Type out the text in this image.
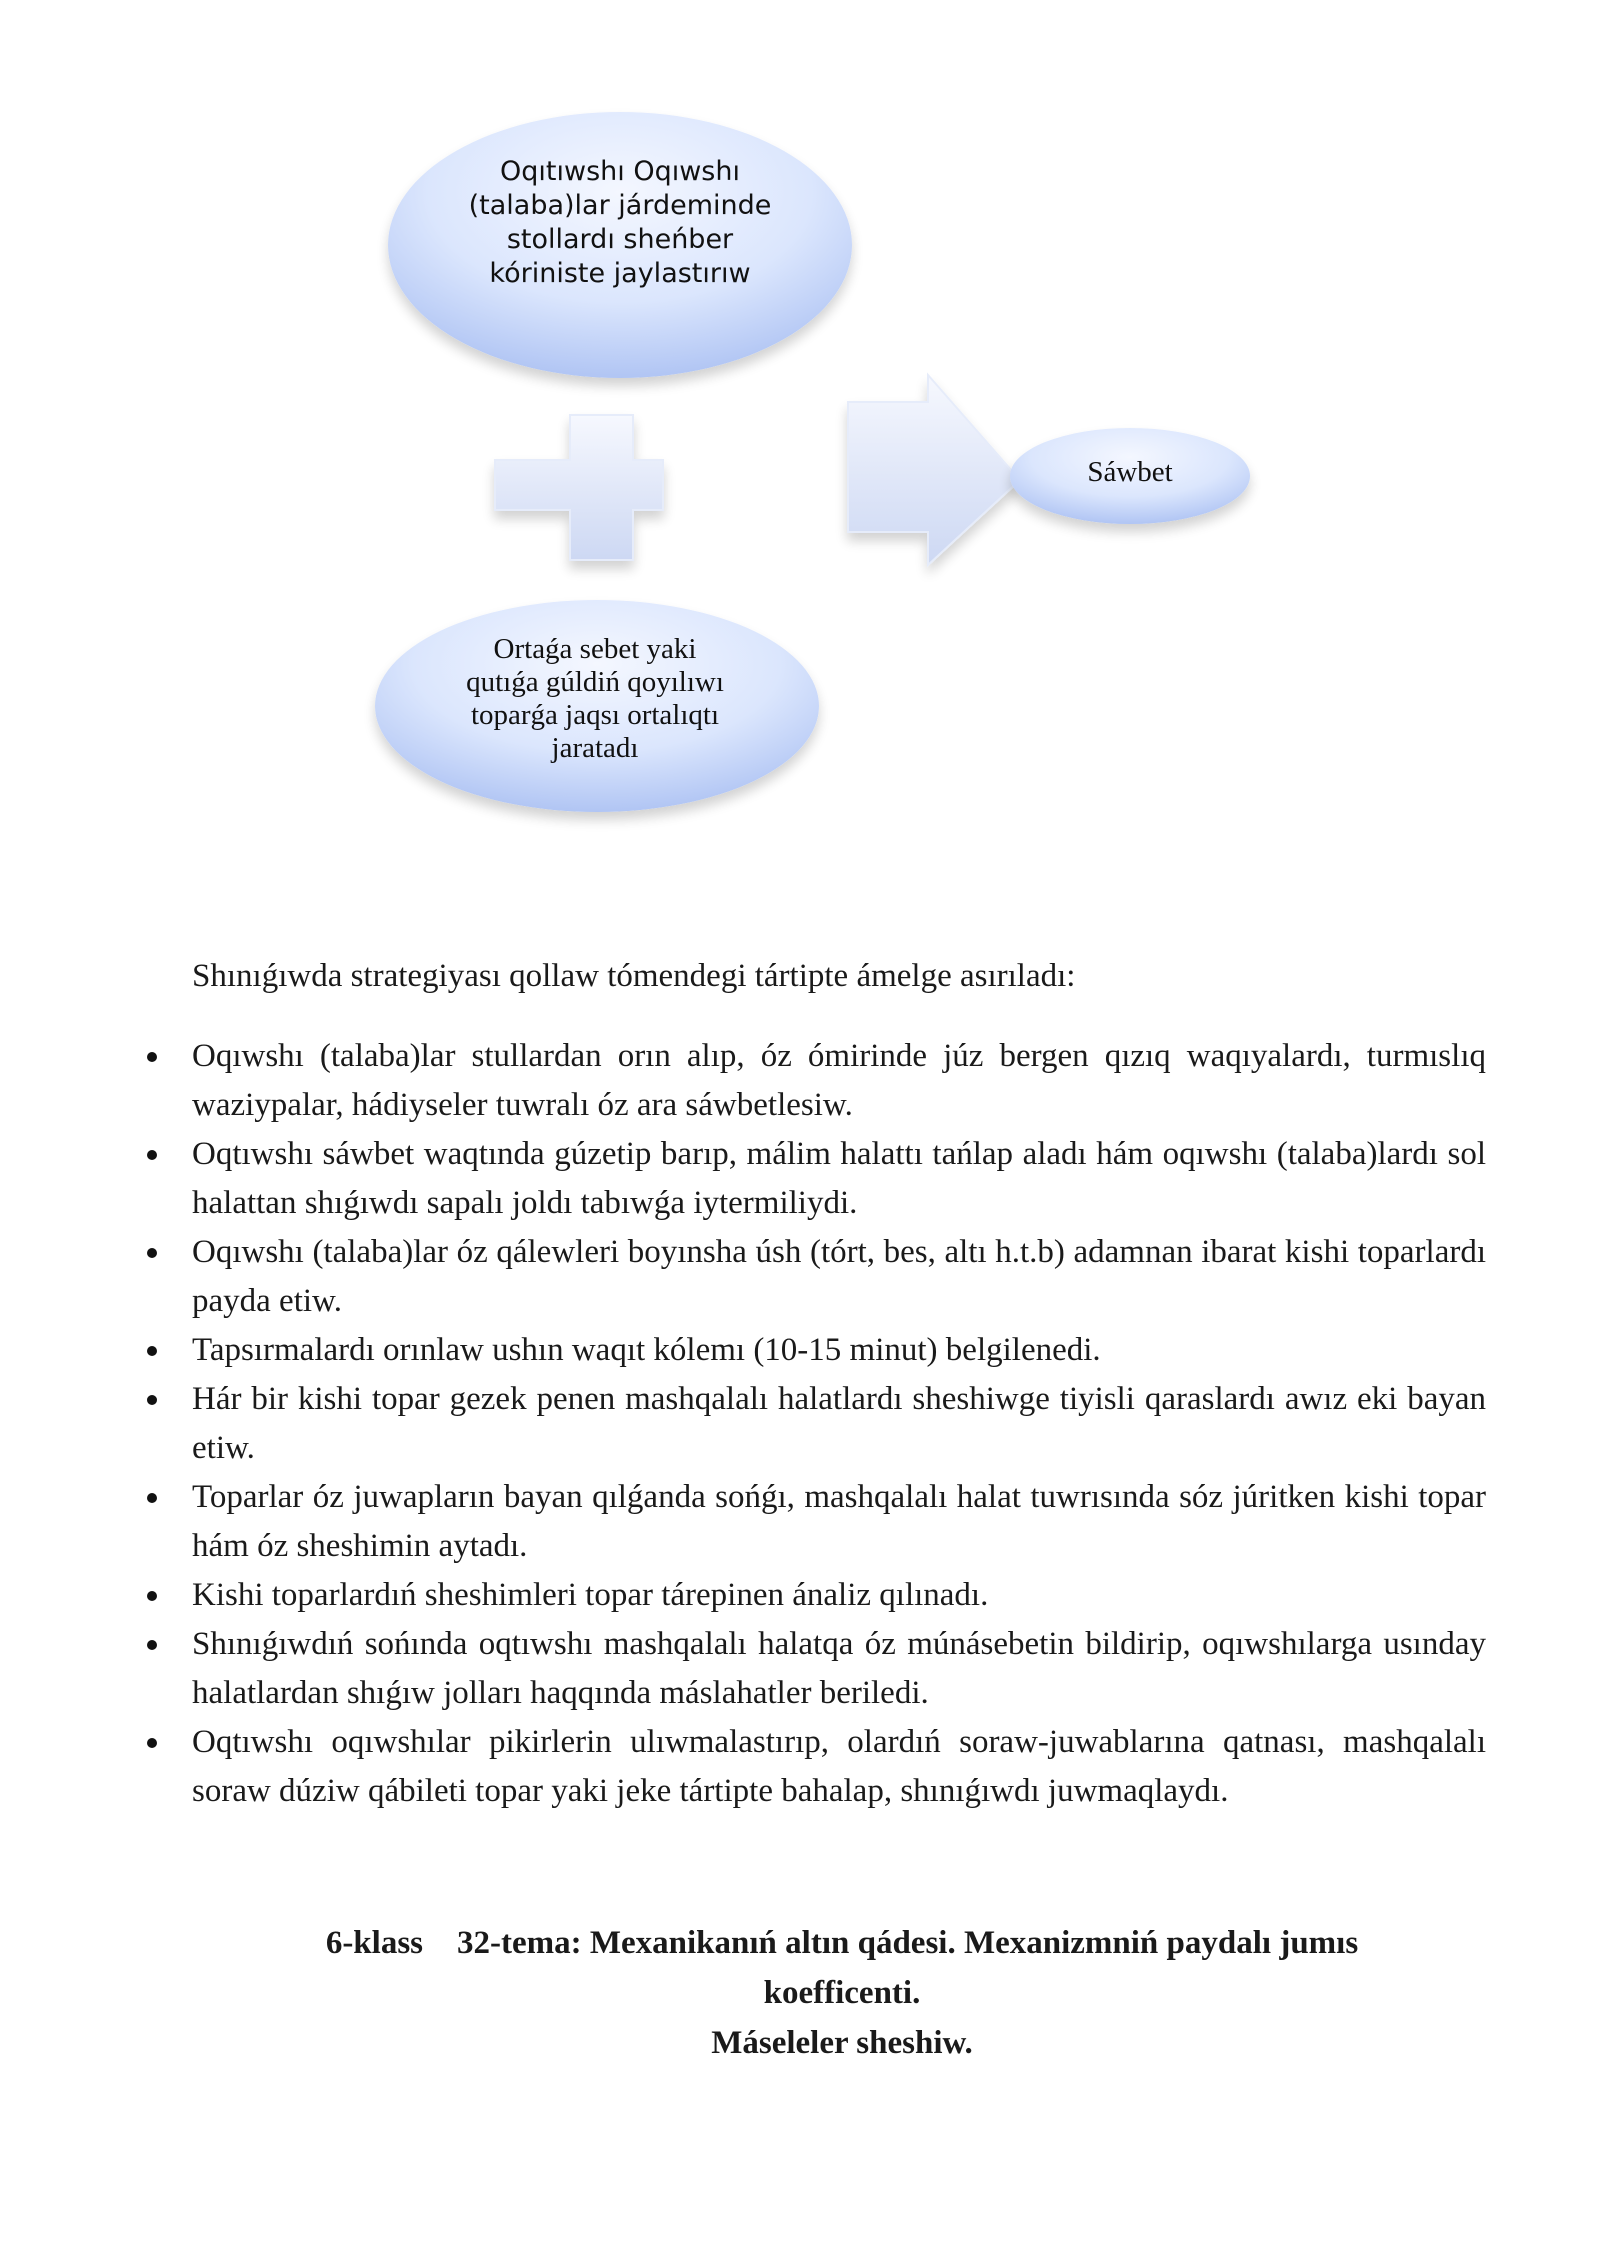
Oqıtıwshı Oqıwshı
(talaba)lar járdeminde
stollardı sheńber
kóriniste jaylastırıw
Sáwbet
Ortaǵa sebet yaki
qutıǵa gúldiń qoyılıwı
toparǵa jaqsı ortalıqtı
jaratadı

Shınıǵıwda strategiyası qollaw tómendegi tártipte ámelge asırıladı:

Oqıwshı (talaba)lar stullardan orın alıp, óz ómirinde júz bergen qızıq waqıyalardı, turmıslıq waziypalar, hádiyseler tuwralı óz ara sáwbetlesiw.
Oqtıwshı sáwbet waqtında gúzetip barıp, málim halattı tańlap aladı hám oqıwshı (talaba)lardı sol halattan shıǵıwdı sapalı joldı tabıwǵa iytermiliydi.
Oqıwshı (talaba)lar óz qálewleri boyınsha úsh (tórt, bes, altı h.t.b) adamnan ibarat kishi toparlardı payda etiw.
Tapsırmalardı orınlaw ushın waqıt kólemı (10-15 minut) belgilenedi.
Hár bir kishi topar gezek penen mashqalalı halatlardı sheshiwge tiyisli qaraslardı awız eki bayan etiw.
Toparlar óz juwapların bayan qılǵanda sońǵı, mashqalalı halat tuwrısında sóz júritken kishi topar hám óz sheshimin aytadı.
Kishi toparlardıń sheshimleri topar tárepinen ánaliz qılınadı.
Shınıǵıwdıń sońında oqtıwshı mashqalalı halatqa óz múnásebetin bildirip, oqıwshılarga usınday halatlardan shıǵıw jolları haqqında máslahatler beriledi.
Oqtıwshı oqıwshılar pikirlerin ulıwmalastırıp, olardıń soraw-juwablarına qatnası, mashqalalı soraw dúziw qábileti topar yaki jeke tártipte bahalap, shınıǵıwdı juwmaqlaydı.
6-klass 32-tema: Mexanikanıń altın qádesi. Mexanizmniń paydalı jumıs
koefficenti.
Máseleler sheshiw.
